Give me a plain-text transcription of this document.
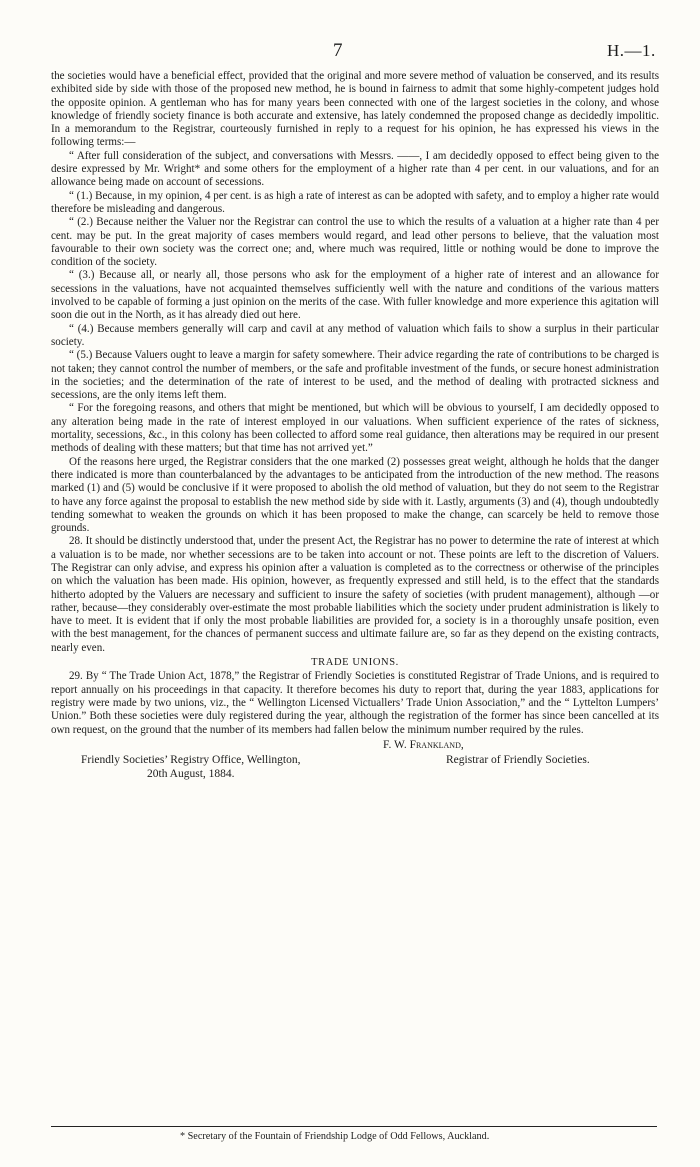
7	H.—1.

the societies would have a beneficial effect, provided that the original and more severe method of valuation be conserved, and its results exhibited side by side with those of the proposed new method, he is bound in fairness to admit that some highly-competent judges hold the opposite opinion. A gentleman who has for many years been connected with one of the largest societies in the colony, and whose knowledge of friendly society finance is both accurate and extensive, has lately condemned the proposed change as decidedly impolitic. In a memorandum to the Registrar, courteously furnished in reply to a request for his opinion, he has expressed his views in the following terms:—

“ After full consideration of the subject, and conversations with Messrs. ——, I am decidedly opposed to effect being given to the desire expressed by Mr. Wright* and some others for the employment of a higher rate than 4 per cent. in our valuations, and for an allowance being made on account of secessions.

“ (1.) Because, in my opinion, 4 per cent. is as high a rate of interest as can be adopted with safety, and to employ a higher rate would therefore be misleading and dangerous.

“ (2.) Because neither the Valuer nor the Registrar can control the use to which the results of a valuation at a higher rate than 4 per cent. may be put. In the great majority of cases members would regard, and lead other persons to believe, that the valuation most favourable to their own society was the correct one; and, where much was required, little or nothing would be done to improve the condition of the society.

“ (3.) Because all, or nearly all, those persons who ask for the employment of a higher rate of interest and an allowance for secessions in the valuations, have not acquainted themselves sufficiently well with the nature and conditions of the various matters involved to be capable of forming a just opinion on the merits of the case. With fuller knowledge and more experience this agitation will soon die out in the North, as it has already died out here.

“ (4.) Because members generally will carp and cavil at any method of valuation which fails to show a surplus in their particular society.

“ (5.) Because Valuers ought to leave a margin for safety somewhere. Their advice regarding the rate of contributions to be charged is not taken; they cannot control the number of members, or the safe and profitable investment of the funds, or secure honest administration in the societies; and the determination of the rate of interest to be used, and the method of dealing with protracted sickness and secessions, are the only items left them.

“ For the foregoing reasons, and others that might be mentioned, but which will be obvious to yourself, I am decidedly opposed to any alteration being made in the rate of interest employed in our valuations. When sufficient experience of the rates of sickness, mortality, secessions, &c., in this colony has been collected to afford some real guidance, then alterations may be required in our present methods of dealing with these matters; but that time has not arrived yet.”

Of the reasons here urged, the Registrar considers that the one marked (2) possesses great weight, although he holds that the danger there indicated is more than counterbalanced by the advantages to be anticipated from the introduction of the new method. The reasons marked (1) and (5) would be conclusive if it were proposed to abolish the old method of valuation, but they do not seem to the Registrar to have any force against the proposal to establish the new method side by side with it. Lastly, arguments (3) and (4), though undoubtedly tending somewhat to weaken the grounds on which it has been proposed to make the change, can scarcely be held to remove those grounds.

28. It should be distinctly understood that, under the present Act, the Registrar has no power to determine the rate of interest at which a valuation is to be made, nor whether secessions are to be taken into account or not. These points are left to the discretion of Valuers. The Registrar can only advise, and express his opinion after a valuation is completed as to the correctness or otherwise of the principles on which the valuation has been made. His opinion, however, as frequently expressed and still held, is to the effect that the standards hitherto adopted by the Valuers are necessary and sufficient to insure the safety of societies (with prudent management), although —or rather, because—they considerably over-estimate the most probable liabilities which the society under prudent administration is likely to have to meet. It is evident that if only the most probable liabilities are provided for, a society is in a thoroughly unsafe position, even with the best management, for the chances of permanent success and ultimate failure are, so far as they depend on the existing contracts, nearly even.

TRADE UNIONS.

29. By “ The Trade Union Act, 1878,” the Registrar of Friendly Societies is constituted Registrar of Trade Unions, and is required to report annually on his proceedings in that capacity. It therefore becomes his duty to report that, during the year 1883, applications for registry were made by two unions, viz., the “ Wellington Licensed Victuallers’ Trade Union Association,” and the “ Lyttelton Lumpers’ Union.” Both these societies were duly registered during the year, although the registration of the former has since been cancelled at its own request, on the ground that the number of its members had fallen below the minimum number required by the rules.

F. W. Frankland,
Friendly Societies’ Registry Office, Wellington,	Registrar of Friendly Societies.
20th August, 1884.
* Secretary of the Fountain of Friendship Lodge of Odd Fellows, Auckland.
